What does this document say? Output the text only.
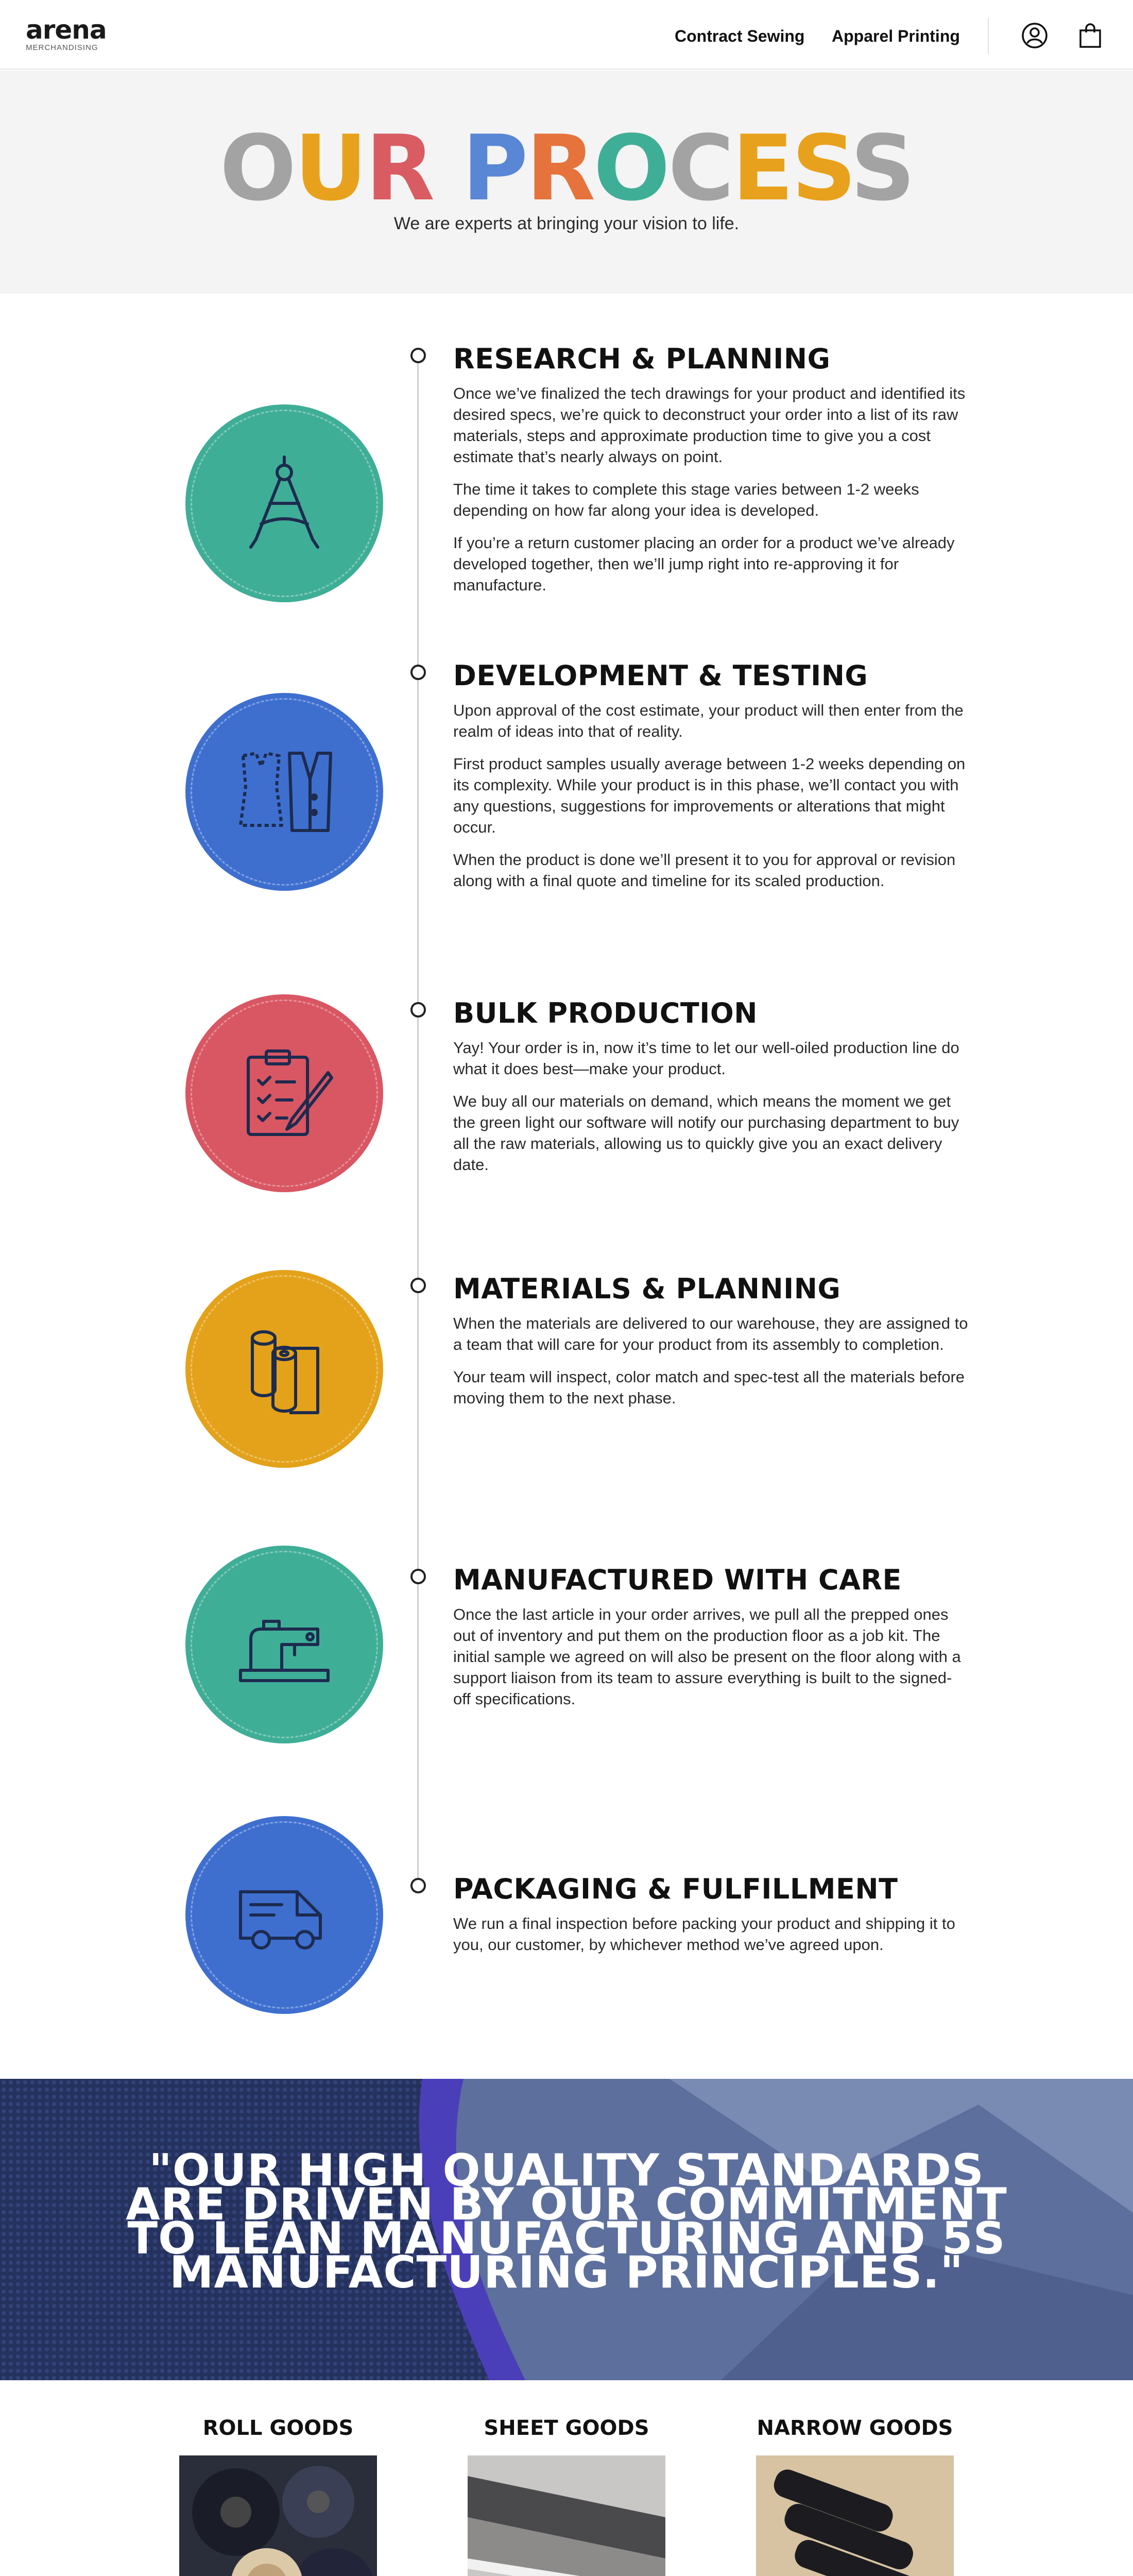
arena
MERCHANDISING
Contract Sewing Apparel Printing
OUR PROCESS
We are experts at bringing your vision to life.
RESEARCH & PLANNING

Once we’ve finalized the tech drawings for your product and identified its desired specs, we’re quick to deconstruct your order into a list of its raw materials, steps and approximate production time to give you a cost estimate that’s nearly always on point.

The time it takes to complete this stage varies between 1-2 weeks depending on how far along your idea is developed.

If you’re a return customer placing an order for a product we’ve already developed together, then we’ll jump right into re-approving it for manufacture.

DEVELOPMENT & TESTING

Upon approval of the cost estimate, your product will then enter from the realm of ideas into that of reality.

First product samples usually average between 1-2 weeks depending on its complexity. While your product is in this phase, we’ll contact you with any questions, suggestions for improvements or alterations that might occur.

When the product is done we’ll present it to you for approval or revision along with a final quote and timeline for its scaled production.

BULK PRODUCTION

Yay! Your order is in, now it’s time to let our well-oiled production line do what it does best—make your product.

We buy all our materials on demand, which means the moment we get the green light our software will notify our purchasing department to buy all the raw materials, allowing us to quickly give you an exact delivery date.

MATERIALS & PLANNING

When the materials are delivered to our warehouse, they are assigned to a team that will care for your product from its assembly to completion.

Your team will inspect, color match and spec-test all the materials before moving them to the next phase.

MANUFACTURED WITH CARE

Once the last article in your order arrives, we pull all the prepped ones out of inventory and put them on the production floor as a job kit. The initial sample we agreed on will also be present on the floor along with a support liaison from its team to assure everything is built to the signed-off specifications.

PACKAGING & FULFILLMENT

We run a final inspection before packing your product and shipping it to you, our customer, by whichever method we’ve agreed upon.

"OUR HIGH QUALITY STANDARDS ARE DRIVEN BY OUR COMMITMENT TO LEAN MANUFACTURING AND 5S MANUFACTURING PRINCIPLES."
ROLL GOODS	SHEET GOODS	NARROW GOODS
